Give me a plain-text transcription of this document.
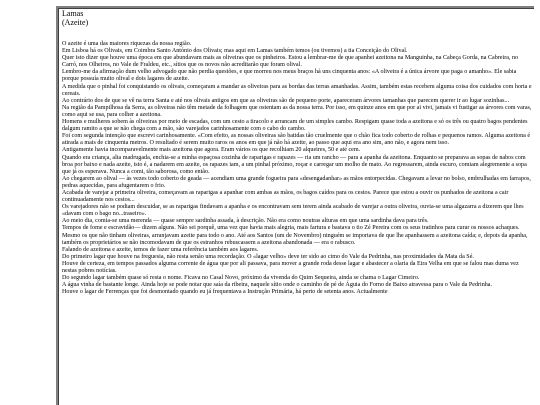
Lamas
(Azeite)

O azeite é uma das maiores riquezas da nossa região.

Em Lisboa há os Olivais, em Coimbra Santo António dos Olivais; mas aqui em Lamas também temos (ou tivemos) a tia Conceição do Olival.

Quer isto dizer que houve uma época em que abundavam mais as oliveiras que os pinheiros. Estou a lembrar-me de que apanhei azeitona na Manguinha, na Cabeça Gorda, na Cabreira, no Carró, nos Olheiros, no Vale de Fraldeu, etc., sítios que os novos não acreditarão que foram olival.

Lembro-me da afirmação dum velho advogado que não perdia questões, e que morreu nos meus braços há uns cinquenta anos: «A oliveira é a única árvore que paga o amanho». Ele sabia porque possuía muito olival e dois lagares de azeite.

A medida que o pinhal foi conquistando os olivais, começaram a mandar as oliveiras para as bordas das terras amanhadas. Assim, também estas recebem alguma coisa dos cuidados com horta e cereais.

Ao contrário dos de que se vê na terra Santa e até nos olivais antigos em que as oliveiras são de pequeno porte, apareceram árvores tamanhas que parecem querer ir ao lugar sozinhas...

Na região da Pampilhosa da Serra, as oliveiras não têm metade da folhagem que ostentam as da nossa terra. Por isso, em quinze anos em que por ai vivi, jamais vi fustigar as árvores com varas, como aqui se usa, para colher a azeitona.

Homens e mulheres sobem às oliveiras por meio de escadas, com um cesto a tiracolo e arrancam de um simples cambo. Respigam quase toda a azeitona e só os três ou quatro bagos pendentes dalgum ramito a que se não chega com a mão, são varejados carinhosamente com o cabo do cambo.

Foi com segunda intenção que escrevi carinhosamente. «Com efeito, as nossas oliveiras são batidas tão cruelmente que o chão fica todo coberto de rolhas e pequenos ramos. Alguma azeitona é atirada a mais de cinquenta metros. O resultado é serem muito raros os anos em que já não há azeite, ao passo que aqui era ano sim, ano não, e agora nem isso.

Antigamente havia incomparavelmente mais azeitona que agora. Eram vários os que recolhiam 20 alqueires, 50 e até cem.

Quando era criança, alta madrugada, enchia-se a minha espaçosa cozinha de raparigas e rapazes — ria um rancho — para a apanha da azeitona. Enquanto se preparava as sopas de nabos com broa por baixo e nada azeite, isto é, a nadarem em azeite, os rapazes iam, a um pinhal próximo, roçar e carregar um molho de mato. Ao regressarem, ainda escuro, comiam alegremente a sopa que já os esperava. Nunca a comi, tão saborosa, como então.

Ao chegarem ao olival — às vezes todo coberto de geada — acendiam uma grande fogueira para «desengadanhar» as mãos entorpecidas. Chegavam a levar no bolso, embrulhadas em farrapos, pedras aquecidas, para afugentarem o frio.

Acabada de varejar a primeira oliveira, começavam as raparigas a apanhar com ambas as mãos, os bagos caídos para os cestos. Parece que estou a ouvir os punhados de azeitona a cair continuadamente nos cestos...

Os varejadores não se podiam descuidar, se as raparigas findavam a apanha e os encontravam sem terem ainda acabado de varejar a outra oliveira, ouvia-se uma algazarra a dizerem que lhes «davam com o bago no...traseiro».

Ao meio dia, comia-se uma merenda — quase sempre sardinha assada, à descrição. Não era como noutras alturas em que uma sardinha dava para três.

Tempos de fome e escravidão— dizem alguns. Não sei porquê, uma vez que havia mais alegria, mais fartura e bastava o tio Zé Pereira com os seus tratinhos para curar os nossos achaques.

Mesmo os que não tinham oliveiras, arranjavam azeite para todo o ano. Até aos Santos (um de Novembro) ninguém se importava de que lhe apanhassem a azeitona caída; e, depois da apanha, também os proprietários se não incomodavam de que os estranhos rebuscassem a azeitona abandonada — era o rabusco.

Falando de azeitona e azeite, temos de fazer uma referência também aos lagares.

Do primeiro lagar que houve na freguesia, não resta senão uma recordação. O «lagar velho» deve ter sido ao cimo do Vale da Pedrinha, nas proximidades da Mata da Sé.

Houve de certeza, em tempos passados alguma corrente de água que por ali passava, para mover a grande roda desse lagar e abastecer a olaria da Eira Velha em que se falou mas duma vez nestas pobres notícias.

Do segundo lagar também quase só resta o nome. Ficava no Casal Novo, próximo da vivenda do Quim Sequeira, ainda se chama o Lagar Cimeiro.

A água vinha de bastante longe. Ainda hoje se pode notar que saía da ribeira, naquele sítio onde o caminho de pé de Águia do Forno de Baixo atravessa para o Vale da Pedrinha.

Houve o lagar de Ferrenças que foi desmontado quando eu já frequentava a Instrução Primária, há perto de setenta anos. Actualmente
